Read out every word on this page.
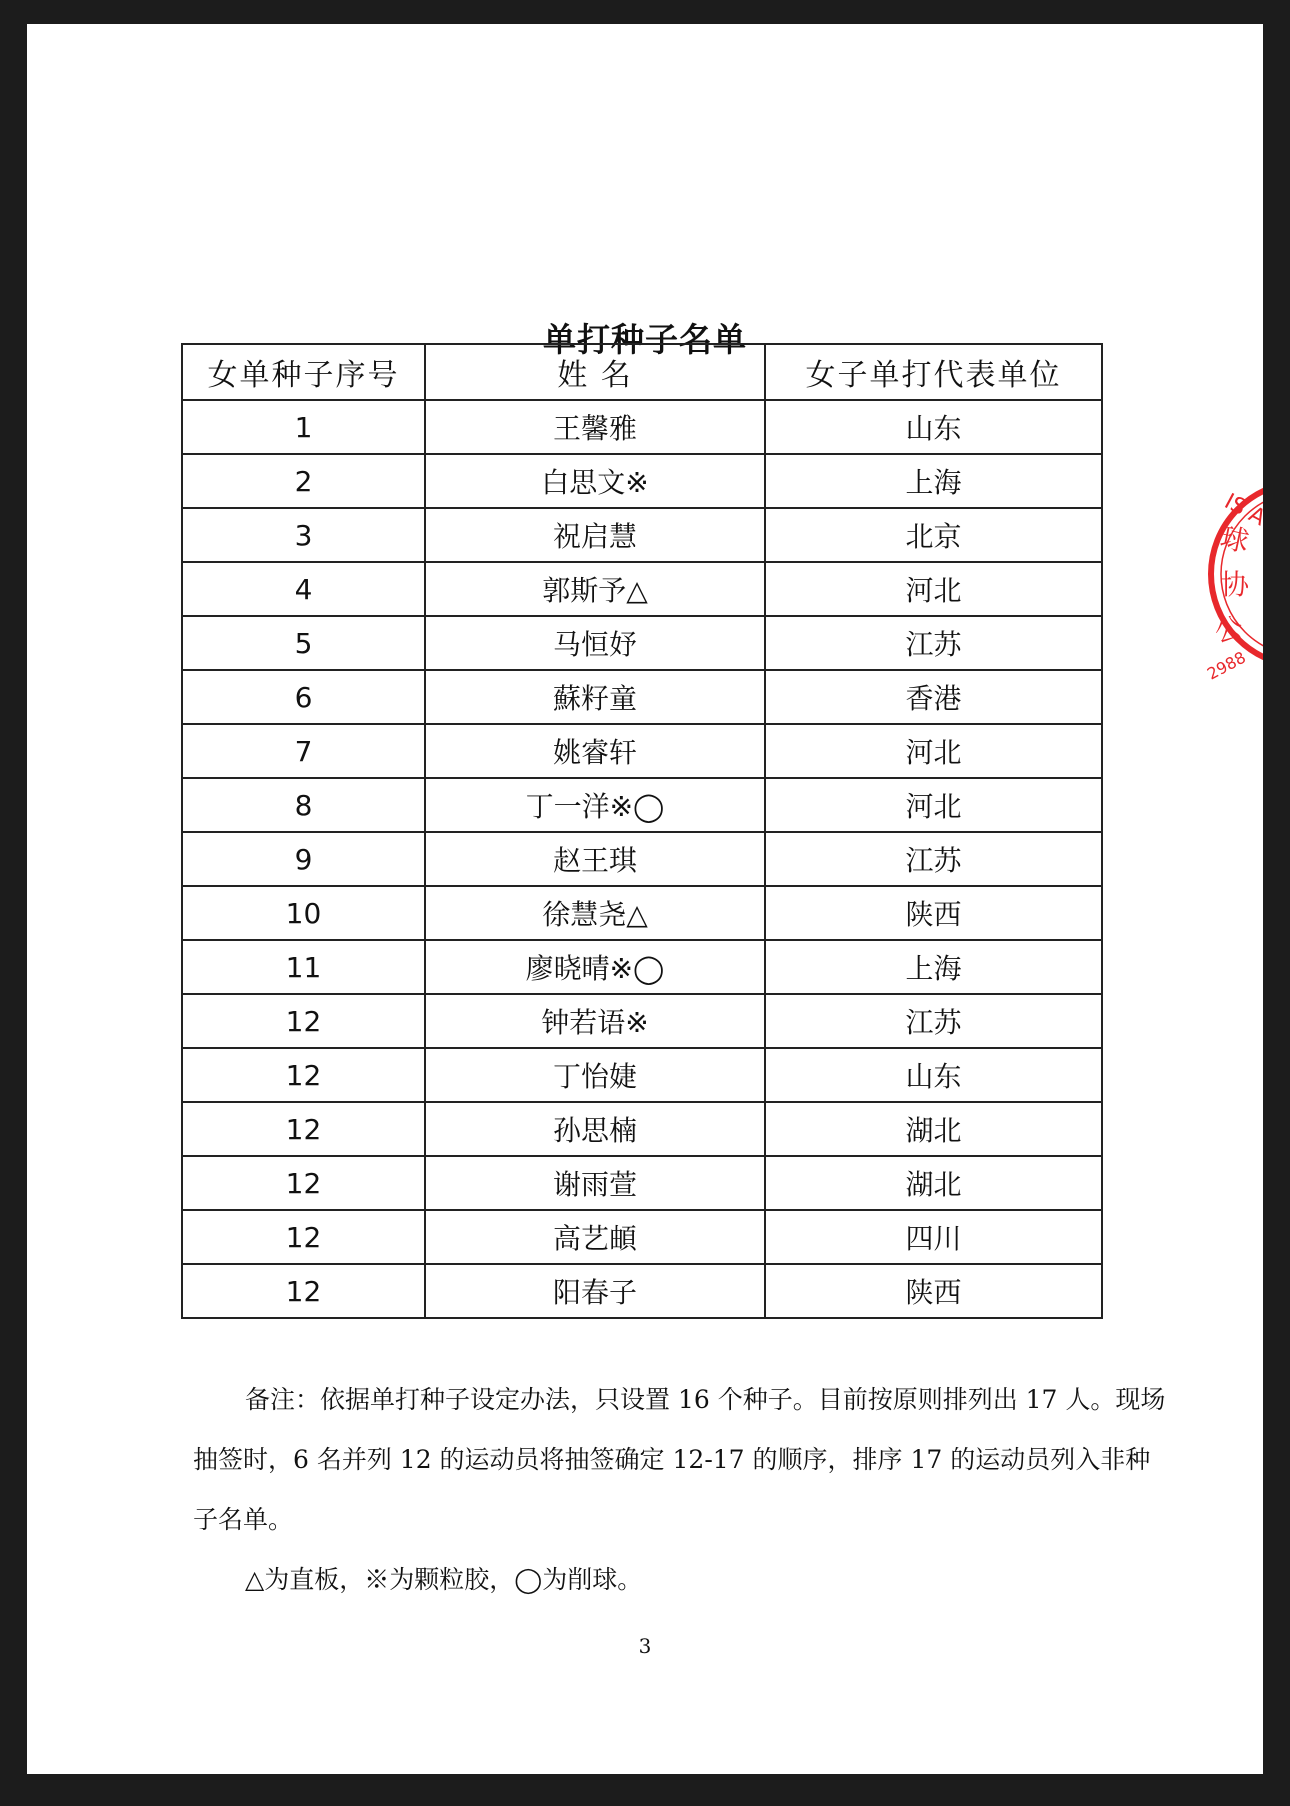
单打种子名单
女单种子序号	姓 名	女子单打代表单位
1	王馨雅	山东
2	白思文※	上海
3	祝启慧	北京
4	郭斯予△	河北
5	马恒妤	江苏
6	蘇籽童	香港
7	姚睿轩	河北
8	丁一洋※◯	河北
9	赵王琪	江苏
10	徐慧尧△	陕西
11	廖晓晴※◯	上海
12	钟若语※	江苏
12	丁怡婕	山东
12	孙思楠	湖北
12	谢雨萱	湖北
12	高艺頔	四川
12	阳春子	陕西

备注：依据单打种子设定办法，只设置 16 个种子。目前按原则排列出 17 人。现场抽签时，6 名并列 12 的运动员将抽签确定 12-17 的顺序，排序 17 的运动员列入非种子名单。

△为直板，※为颗粒胶，◯为削球。

3
IS A
球
协
公
2988
